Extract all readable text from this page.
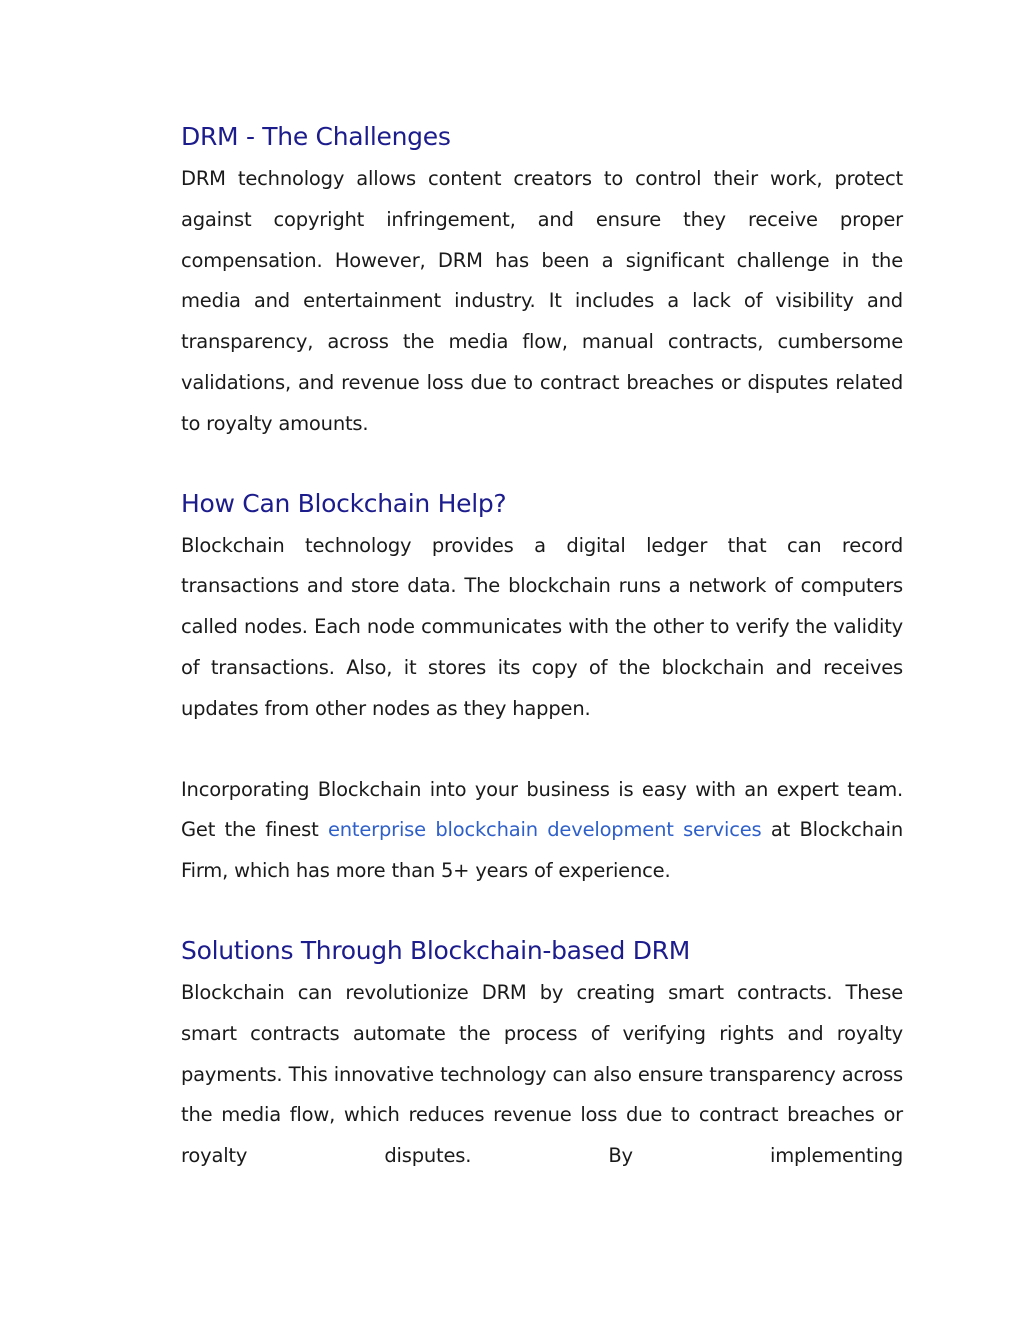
DRM - The Challenges

DRM technology allows content creators to control their work, protect against copyright infringement, and ensure they receive proper compensation. However, DRM has been a significant challenge in the media and entertainment industry. It includes a lack of visibility and transparency, across the media flow, manual contracts, cumbersome validations, and revenue loss due to contract breaches or disputes related to royalty amounts.

How Can Blockchain Help?

Blockchain technology provides a digital ledger that can record transactions and store data. The blockchain runs a network of computers called nodes. Each node communicates with the other to verify the validity of transactions. Also, it stores its copy of the blockchain and receives updates from other nodes as they happen.

Incorporating Blockchain into your business is easy with an expert team. Get the finest enterprise blockchain development services at Blockchain Firm, which has more than 5+ years of experience.

Solutions Through Blockchain-based DRM

Blockchain can revolutionize DRM by creating smart contracts. These smart contracts automate the process of verifying rights and royalty payments. This innovative technology can also ensure transparency across the media flow, which reduces revenue loss due to contract breaches or royalty disputes. By implementing
